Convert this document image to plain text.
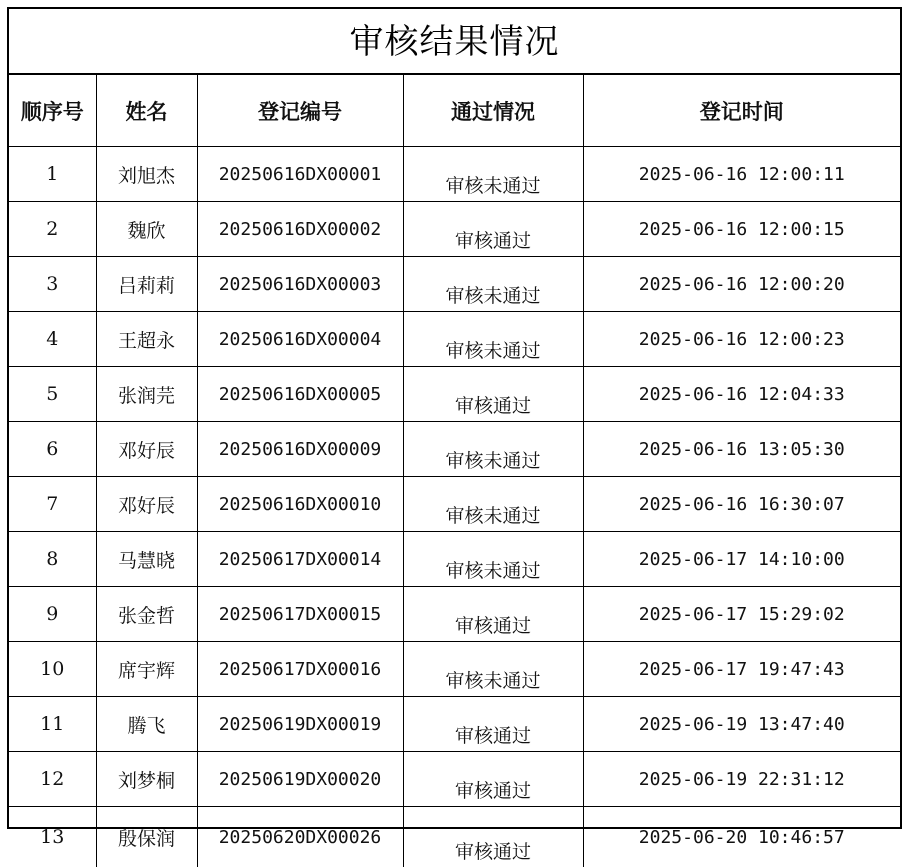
审核结果情况
顺序号	姓名	登记编号	通过情况	登记时间
1	刘旭杰	20250616DX00001	审核未通过	2025-06-16 12:00:11
2	魏欣	20250616DX00002	审核通过	2025-06-16 12:00:15
3	吕莉莉	20250616DX00003	审核未通过	2025-06-16 12:00:20
4	王超永	20250616DX00004	审核未通过	2025-06-16 12:00:23
5	张润芫	20250616DX00005	审核通过	2025-06-16 12:04:33
6	邓好辰	20250616DX00009	审核未通过	2025-06-16 13:05:30
7	邓好辰	20250616DX00010	审核未通过	2025-06-16 16:30:07
8	马慧晓	20250617DX00014	审核未通过	2025-06-17 14:10:00
9	张金哲	20250617DX00015	审核通过	2025-06-17 15:29:02
10	席宇辉	20250617DX00016	审核未通过	2025-06-17 19:47:43
11	腾飞	20250619DX00019	审核通过	2025-06-19 13:47:40
12	刘梦桐	20250619DX00020	审核通过	2025-06-19 22:31:12
13	殷保润	20250620DX00026	审核通过	2025-06-20 10:46:57
